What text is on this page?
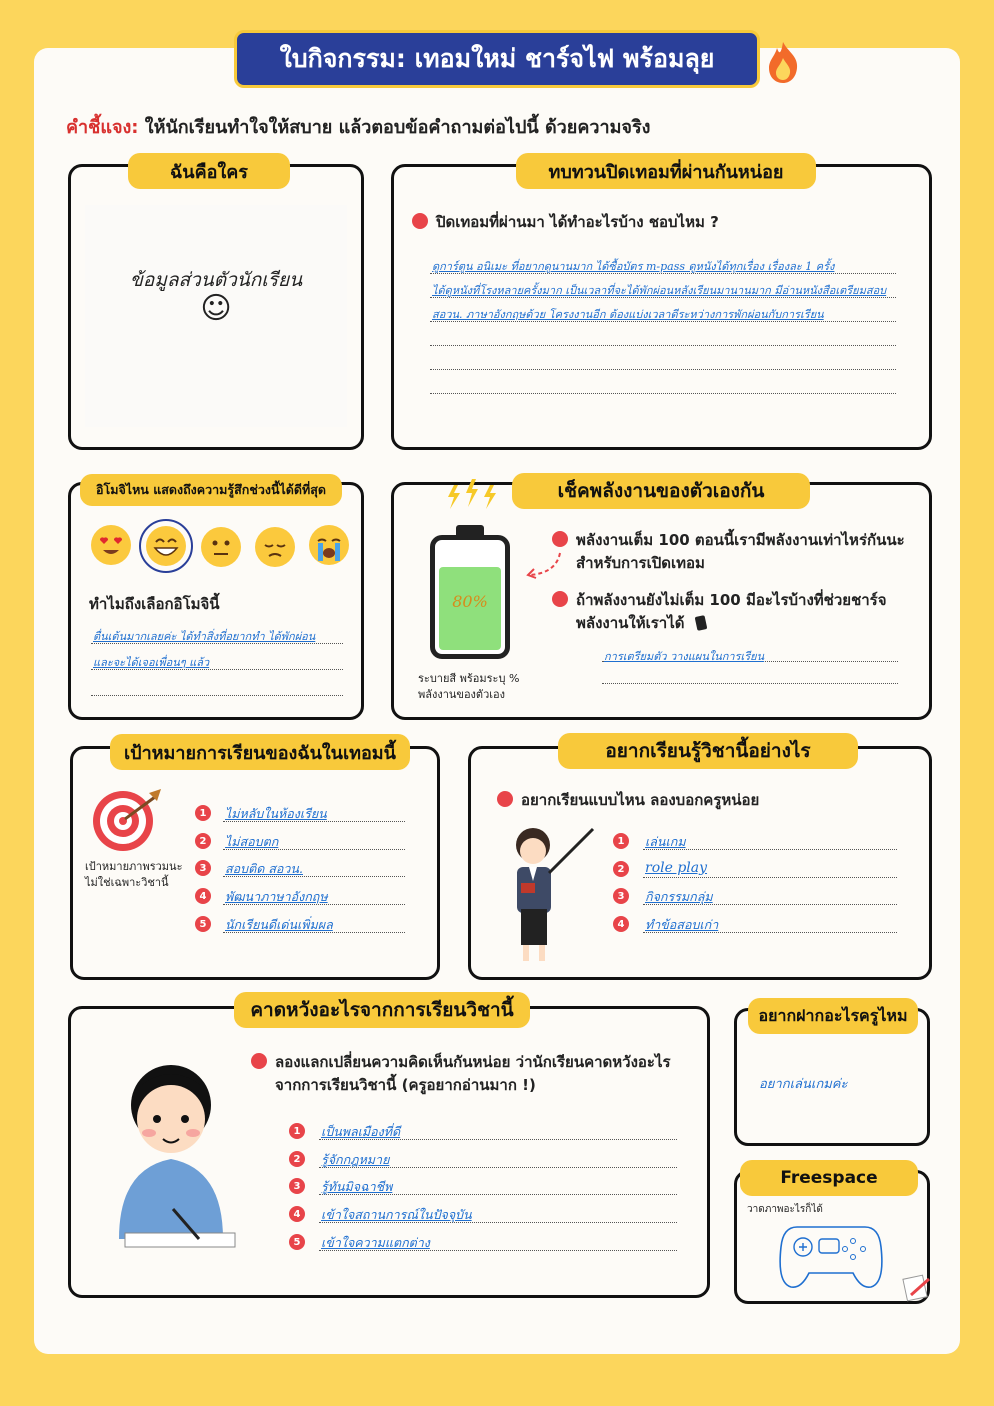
ใบกิจกรรม: เทอมใหม่ ชาร์จไฟ พร้อมลุย
คำชี้แจง: ให้นักเรียนทำใจให้สบาย แล้วตอบข้อคำถามต่อไปนี้ ด้วยความจริง
ข้อมูลส่วนตัวนักเรียน
☺
ฉันคือใคร
ปิดเทอมที่ผ่านมา ได้ทำอะไรบ้าง ชอบไหม ?
ดูการ์ตูน อนิเมะ ที่อยากดูนานมาก ได้ซื้อบัตร m-pass ดูหนังได้ทุกเรื่อง เรื่องละ 1 ครั้ง
ได้ดูหนังที่โรงหลายครั้งมาก เป็นเวลาที่จะได้พักผ่อนหลังเรียนมานานมาก มีอ่านหนังสือเตรียมสอบ
สอวน. ภาษาอังกฤษด้วย โครงงานอีก ต้องแบ่งเวลาดีระหว่างการพักผ่อนกับการเรียน
ทบทวนปิดเทอมที่ผ่านกันหน่อย
ทำไมถึงเลือกอิโมจินี้
ตื่นเต้นมากเลยค่ะ ได้ทำสิ่งที่อยากทำ ได้พักผ่อน
และจะได้เจอเพื่อนๆ แล้ว
อิโมจิไหน แสดงถึงความรู้สึกช่วงนี้ได้ดีที่สุด
80%
ระบายสี พร้อมระบุ %
พลังงานของตัวเอง
พลังงานเต็ม 100 ตอนนี้เรามีพลังงานเท่าไหร่กันนะ
สำหรับการเปิดเทอม
ถ้าพลังงานยังไม่เต็ม 100 มีอะไรบ้างที่ช่วยชาร์จ
พลังงานให้เราได้
การเตรียมตัว วางแผนในการเรียน
เช็คพลังงานของตัวเองกัน
เป้าหมายภาพรวมนะ
ไม่ใช่เฉพาะวิชานี้
1
2
3
4
5
ไม่หลับในห้องเรียน
ไม่สอบตก
สอบติด สอวน.
พัฒนาภาษาอังกฤษ
นักเรียนดีเด่นเพิ่มผล
เป้าหมายการเรียนของฉันในเทอมนี้
อยากเรียนแบบไหน ลองบอกครูหน่อย
1
2
3
4
เล่นเกม
role play
กิจกรรมกลุ่ม
ทำข้อสอบเก่า
อยากเรียนรู้วิชานี้อย่างไร
ลองแลกเปลี่ยนความคิดเห็นกันหน่อย ว่านักเรียนคาดหวังอะไร
จากการเรียนวิชานี้ (ครูอยากอ่านมาก !)
1
2
3
4
5
เป็นพลเมืองที่ดี
รู้จักกฎหมาย
รู้ทันมิจฉาชีพ
เข้าใจสถานการณ์ในปัจจุบัน
เข้าใจความแตกต่าง
คาดหวังอะไรจากการเรียนวิชานี้
อยากเล่นเกมค่ะ
อยากฝากอะไรครูไหม
วาดภาพอะไรก็ได้
Freespace
